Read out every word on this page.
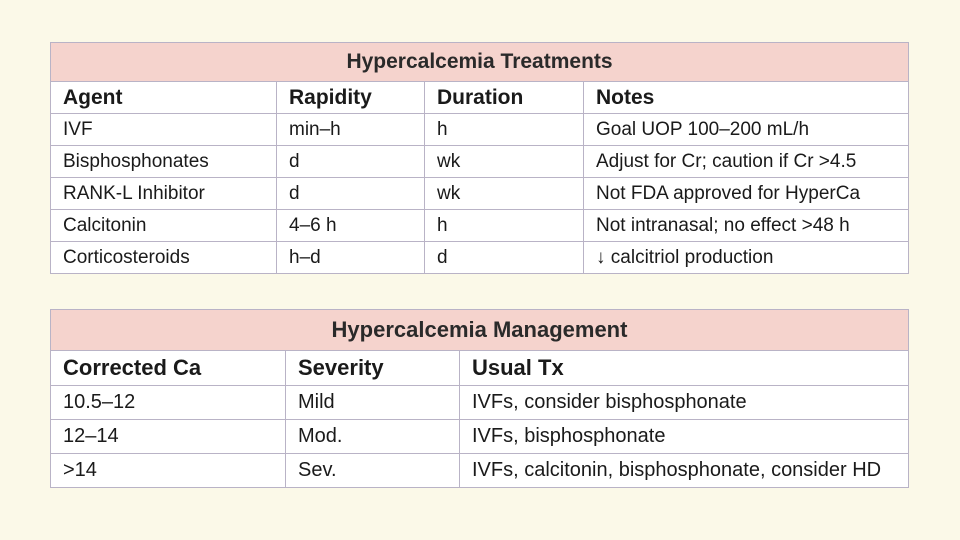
Hypercalcemia Treatments			
Agent	Rapidity	Duration	Notes
IVF	min–h	h	Goal UOP 100–200 mL/h
Bisphosphonates	d	wk	Adjust for Cr; caution if Cr >4.5
RANK-L Inhibitor	d	wk	Not FDA approved for HyperCa
Calcitonin	4–6 h	h	Not intranasal; no effect >48 h
Corticosteroids	h–d	d	↓ calcitriol production
Hypercalcemia Management		
Corrected Ca	Severity	Usual Tx
10.5–12	Mild	IVFs, consider bisphosphonate
12–14	Mod.	IVFs, bisphosphonate
>14	Sev.	IVFs, calcitonin, bisphosphonate, consider HD
